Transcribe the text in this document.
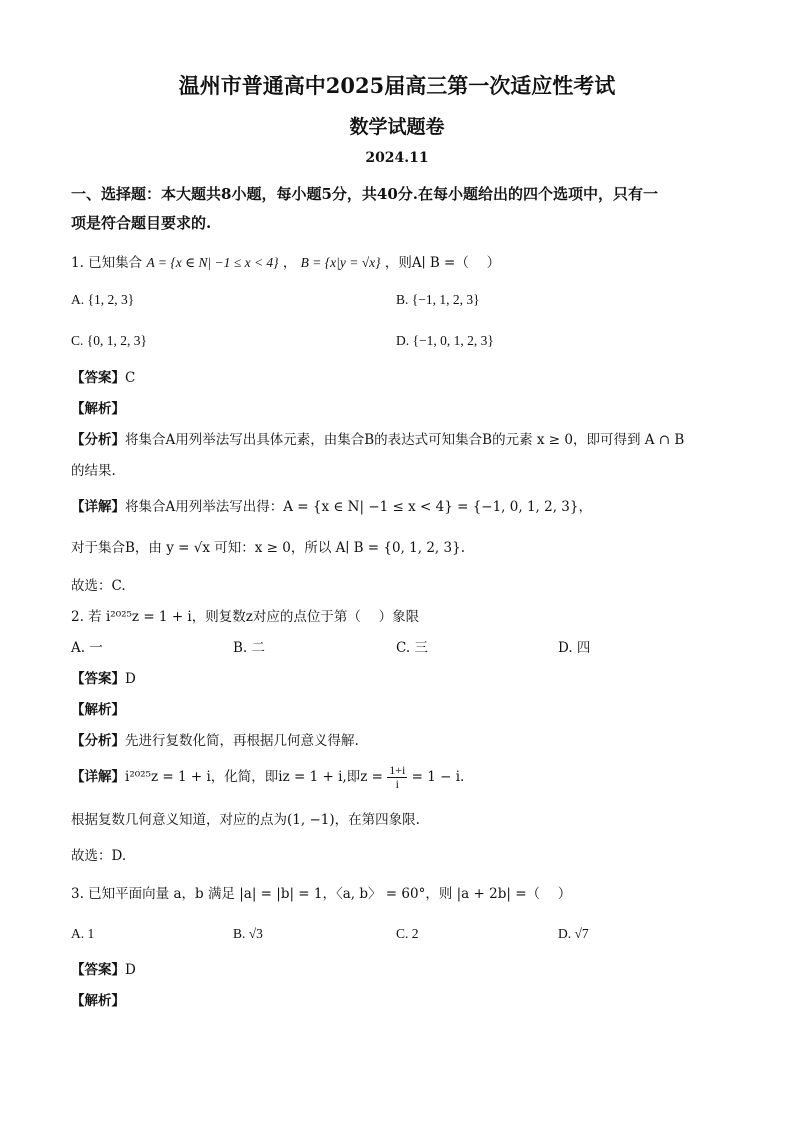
温州市普通高中2025届高三第一次适应性考试
数学试题卷
2024.11
一、选择题：本大题共8小题，每小题5分，共40分.在每小题给出的四个选项中，只有一
项是符合题目要求的.
1. 已知集合 A = {x ∈ N| −1 ≤ x < 4} ， B = {x|y = √x} ，则A∣ B =（　 ）
A. {1, 2, 3}	B. {−1, 1, 2, 3}
C. {0, 1, 2, 3}	D. {−1, 0, 1, 2, 3}
【答案】C
【解析】
【分析】将集合A用列举法写出具体元素，由集合B的表达式可知集合B的元素 x ≥ 0，即可得到 A ∩ B
的结果.
【详解】将集合A用列举法写出得：A = {x ∈ N| −1 ≤ x < 4} = {−1, 0, 1, 2, 3}，
对于集合B，由 y = √x 可知：x ≥ 0，所以 A∣ B = {0, 1, 2, 3}.
故选：C.
2. 若 i²⁰²⁵z = 1 + i，则复数z对应的点位于第（　 ）象限
A. 一	B. 二	C. 三	D. 四
【答案】D
【解析】
【分析】先进行复数化简，再根据几何意义得解.
【详解】i²⁰²⁵z = 1 + i，化简，即iz = 1 + i,即$z = \frac{1+i}{i} = 1 - i$.
根据复数几何意义知道，对应的点为(1, −1)，在第四象限.
故选：D.
3. 已知平面向量 a，b 满足 |a| = |b| = 1，〈a, b〉 = 60°，则 |a + 2b| =（　 ）
A. 1	B. √3	C. 2	D. √7
【答案】D
【解析】
